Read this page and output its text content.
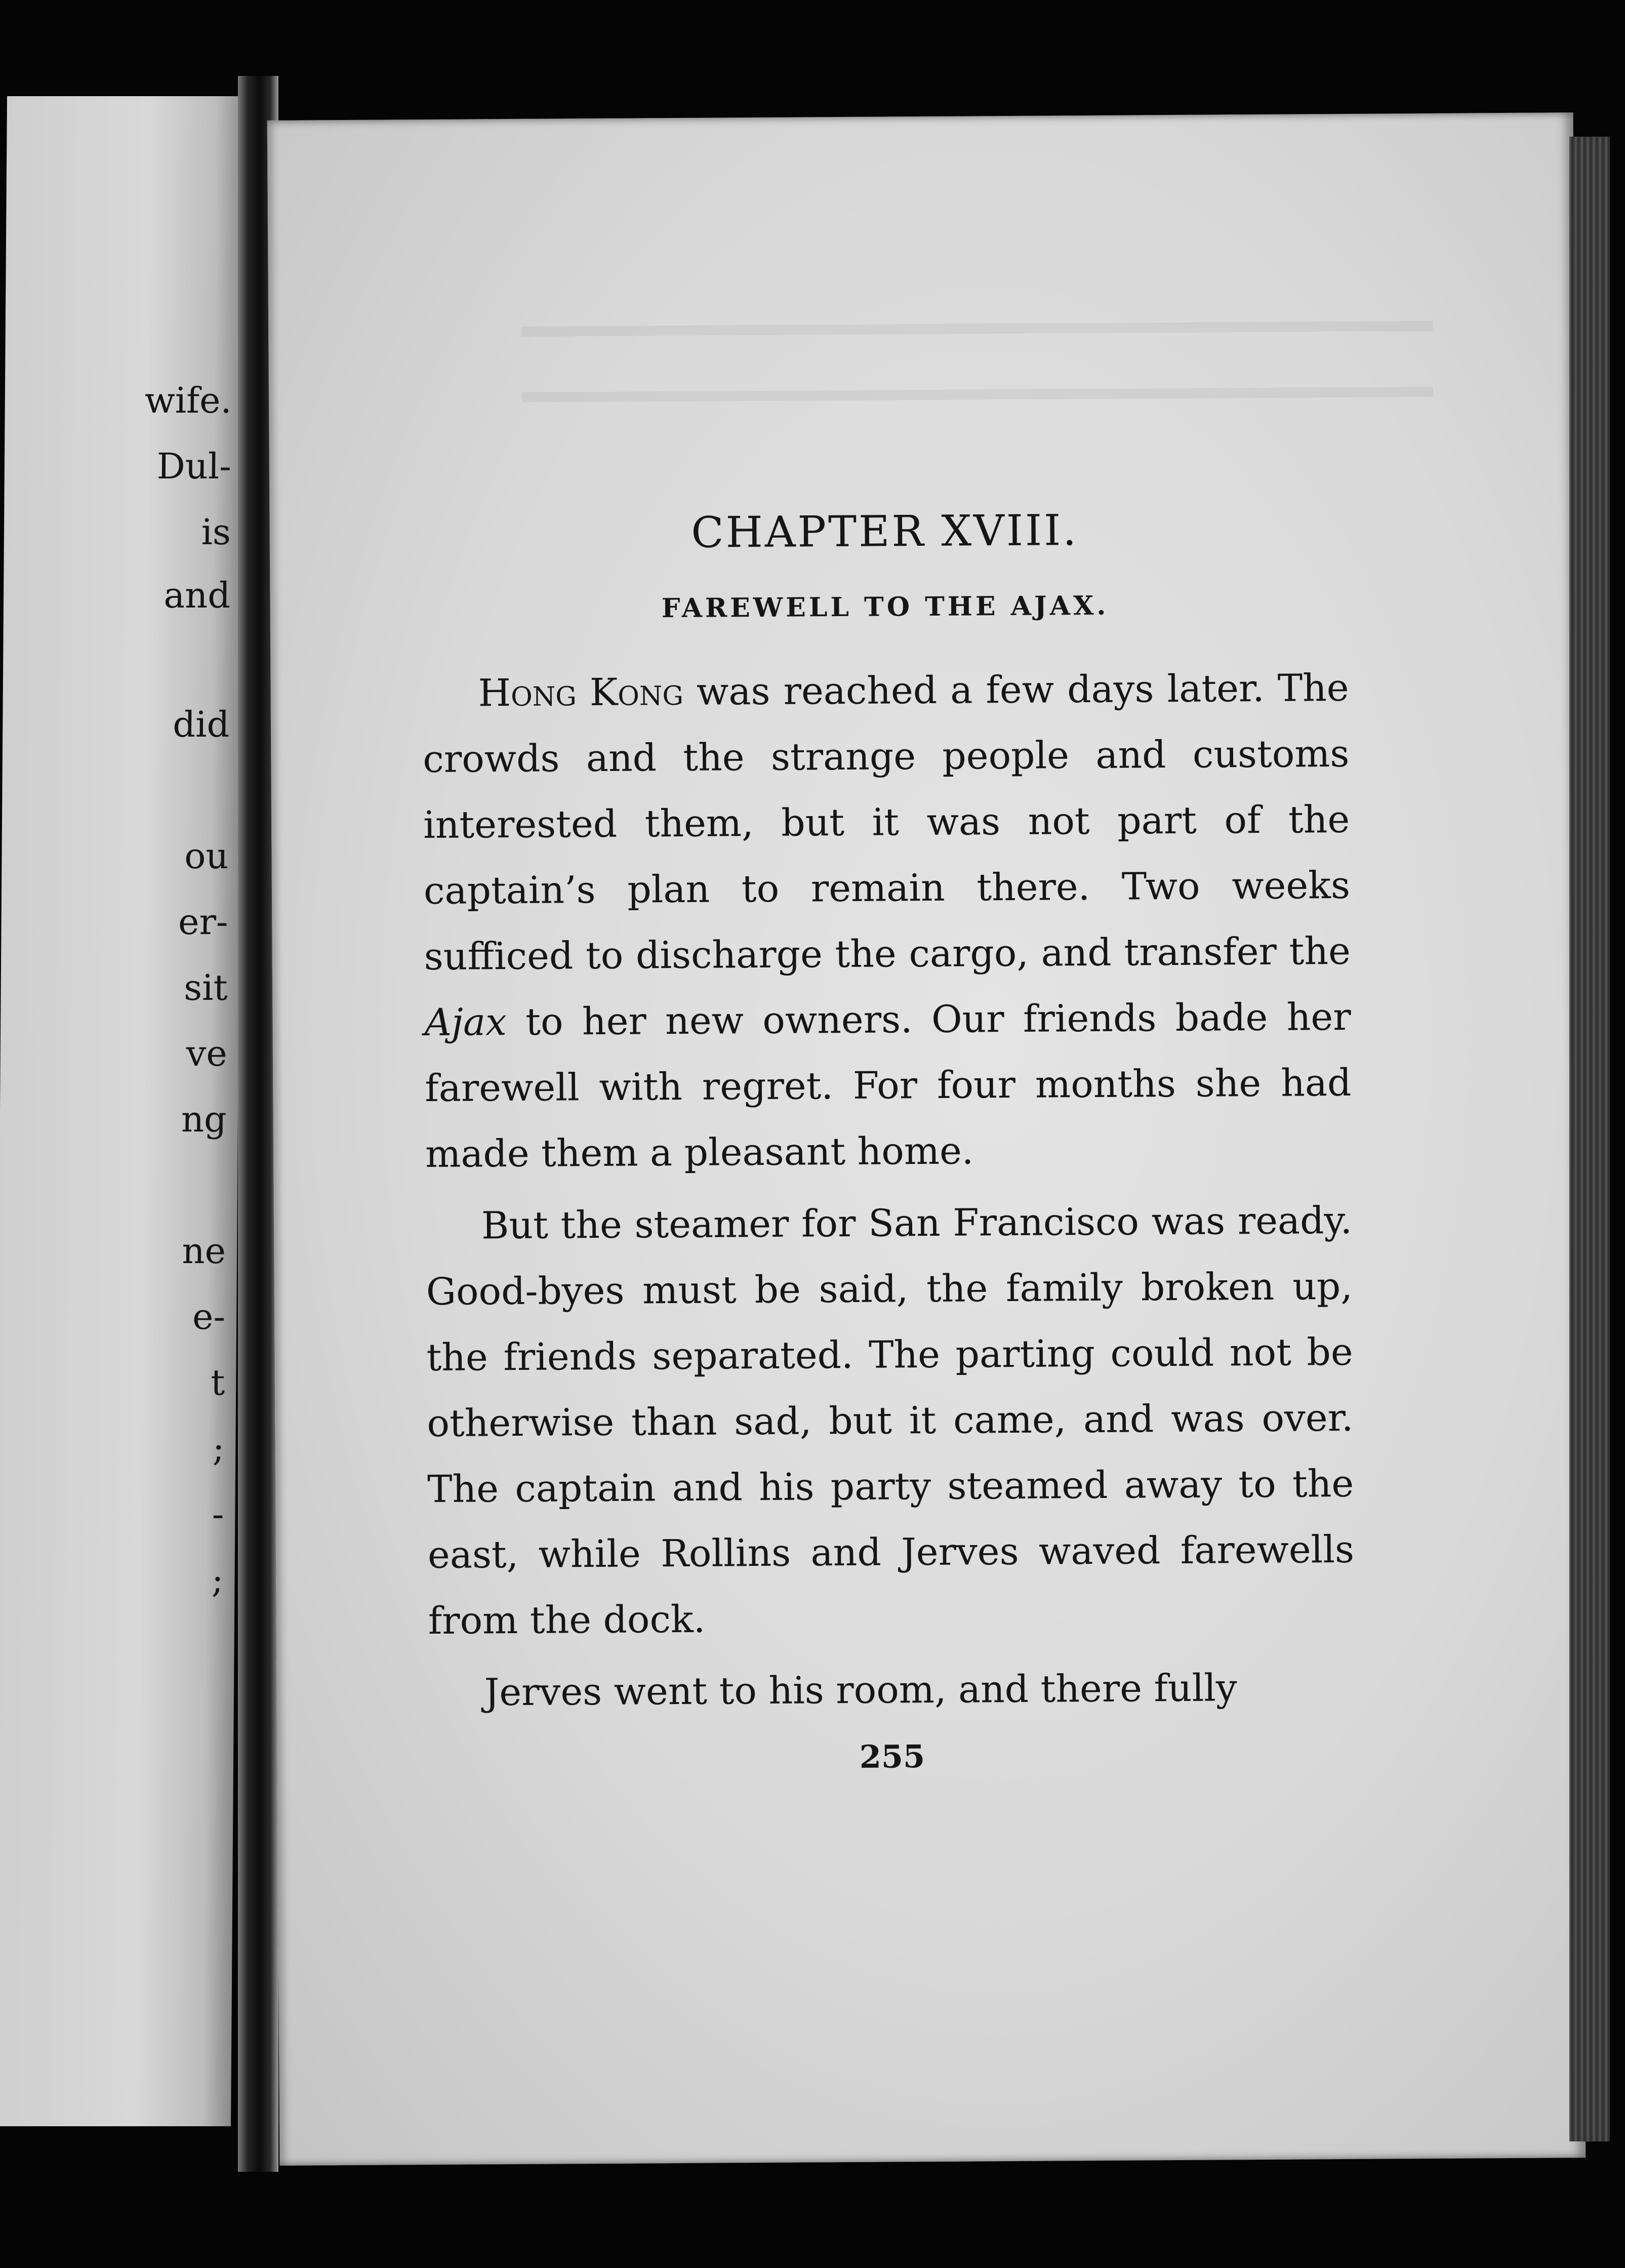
wife.
Dul-
is
and
did
ou
er-
sit
ve
ng
ne
e-
t
;
-
;
CHAPTER XVIII.
FAREWELL TO THE AJAX.

Hong Kong was reached a few days later. The crowds and the strange people and customs interested them, but it was not part of the captain’s plan to remain there. Two weeks sufficed to discharge the cargo, and transfer the Ajax to her new owners. Our friends bade her farewell with regret. For four months she had made them a pleasant home.

But the steamer for San Francisco was ready. Good-byes must be said, the family broken up, the friends separated. The parting could not be otherwise than sad, but it came, and was over. The captain and his party steamed away to the east, while Rollins and Jerves waved farewells from the dock.

Jerves went to his room, and there fully

255
